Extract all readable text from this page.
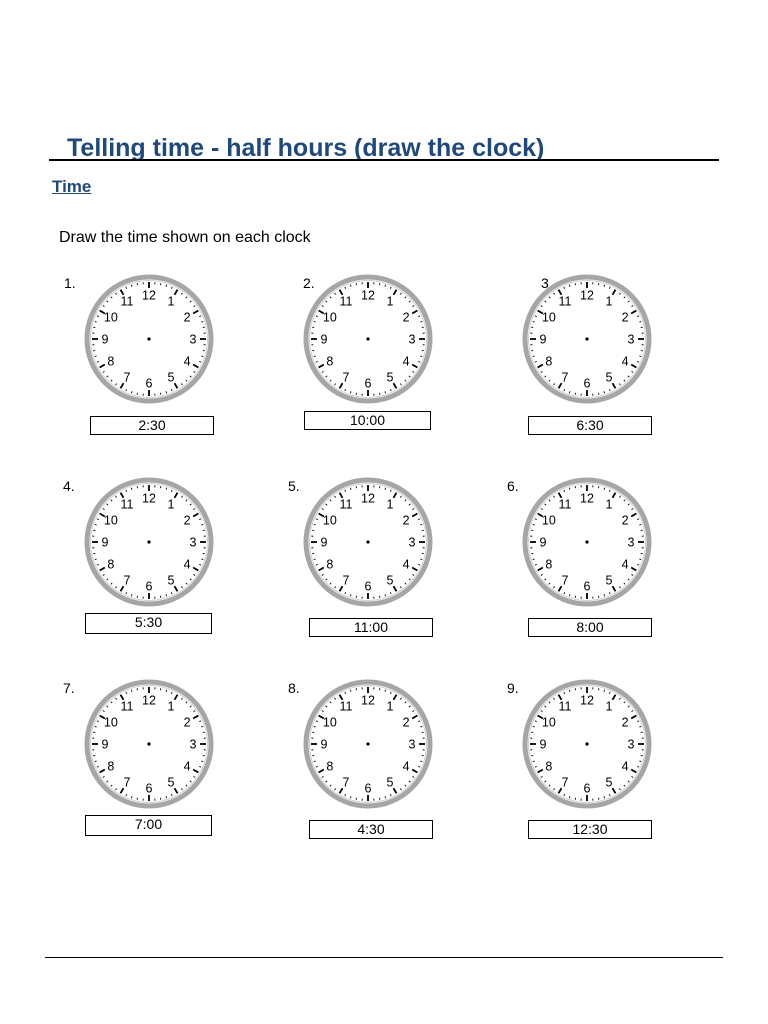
Telling time - half hours (draw the clock)
Time

Draw the time shown on each clock

1.
12 1
2
3
4
5
6
7
8
9
10
11
2:30
2.
12 1
2
3
4
5
6
7
8
9
10
11
10:00
3.
12 1
2
3
4
5
6
7
8
9
10
11
6:30
4.
12 1
2
3
4
5
6
7
8
9
10
11
5:30
5.
12 1
2
3
4
5
6
7
8
9
10
11
11:00
6.
12 1
2
3
4
5
6
7
8
9
10
11
8:00
7.
12 1
2
3
4
5
6
7
8
9
10
11
7:00
8.
12 1
2
3
4
5
6
7
8
9
10
11
4:30
9.
12 1
2
3
4
5
6
7
8
9
10
11
12:30
